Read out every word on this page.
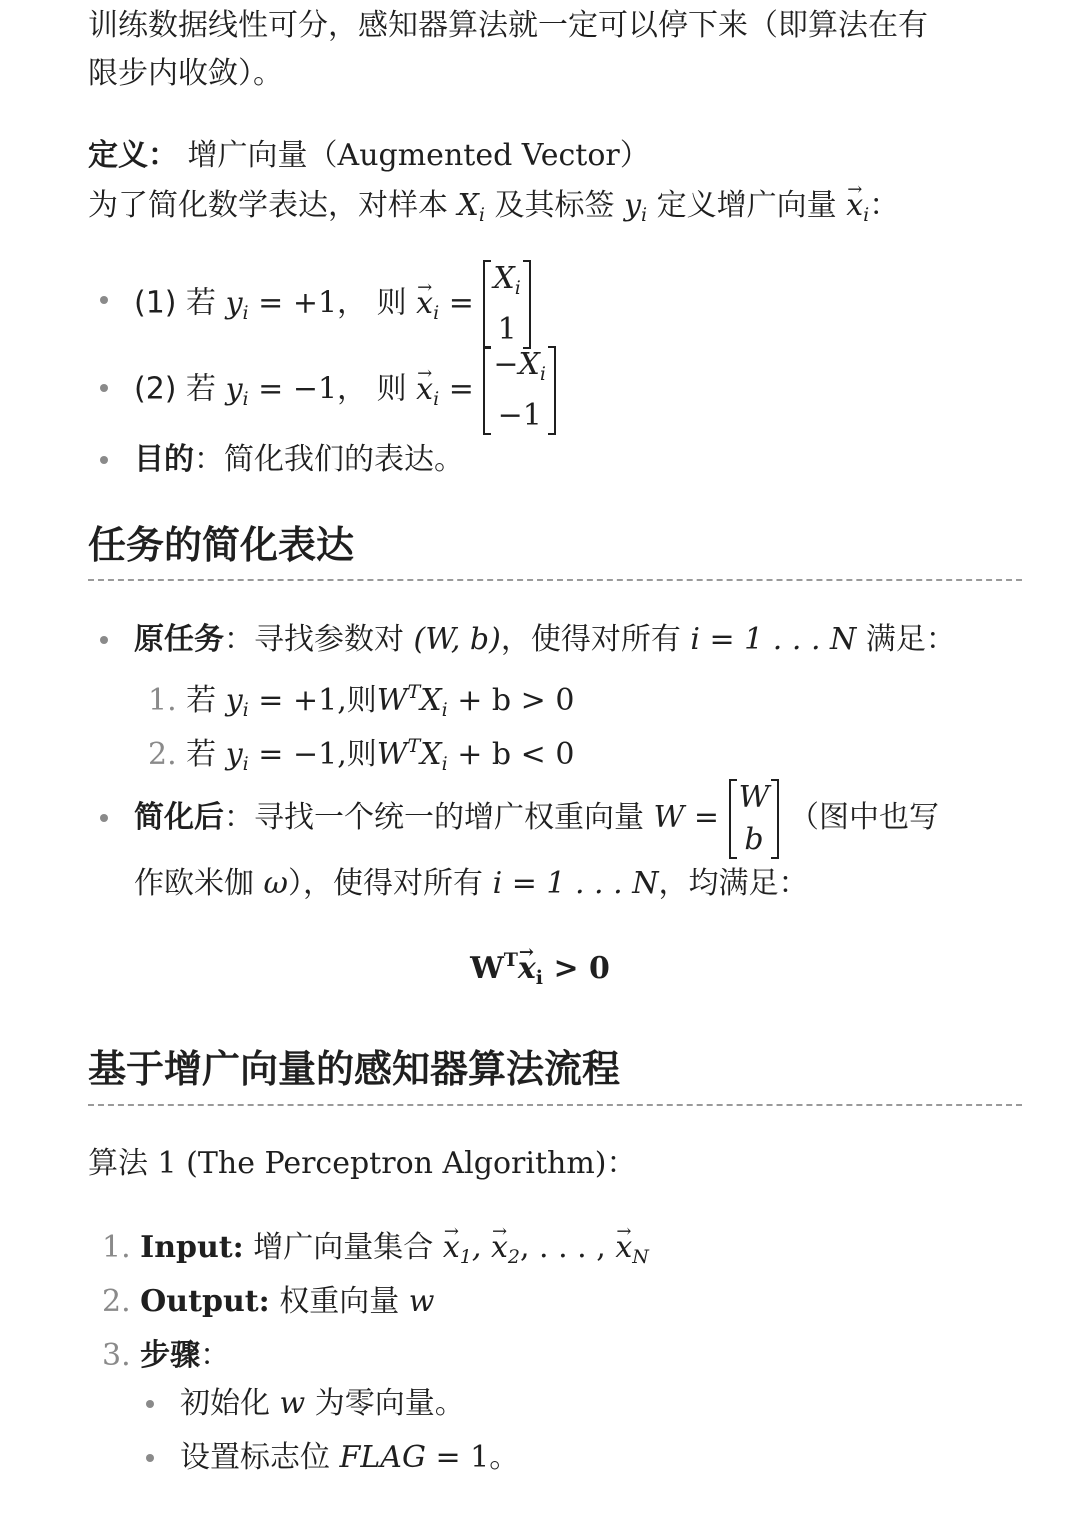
训练数据线性可分，感知器算法就一定可以停下来（即算法在有
限步内收敛）。
定义： 增广向量（Augmented Vector）
为了简化数学表达，对样本 $X_i$ 及其标签 $y_i$ 定义增广向量 → $x_i$：
(1) 若 $y_i = +1$， 则 → $x_i$ =
$X_i$
1
(2) 若 $y_i = -1$， 则 → $x_i$ =
$-X_i$
−1
目的：简化我们的表达。
任务的简化表达
原任务：寻找参数对 (W, b)，使得对所有 i = 1 . . . N 满足：
1. 若 $y_i = +1$,则$W^TX_i + b > 0$
2. 若 $y_i = -1$,则$W^TX_i + b < 0$
简化后：寻找一个统一的增广权重向量 W =
W
b
（图中也写
作欧米伽 ω），使得对所有 i = 1 . . . N，均满足：
$W^T\to x_i > 0$
基于增广向量的感知器算法流程
算法 1 (The Perceptron Algorithm)：
1. Input: 增广向量集合 → $x_1$, → $x_2$, . . . , → $x_N$
2. Output: 权重向量 w
3. 步骤：
初始化 w 为零向量。
设置标志位 FLAG = 1。
